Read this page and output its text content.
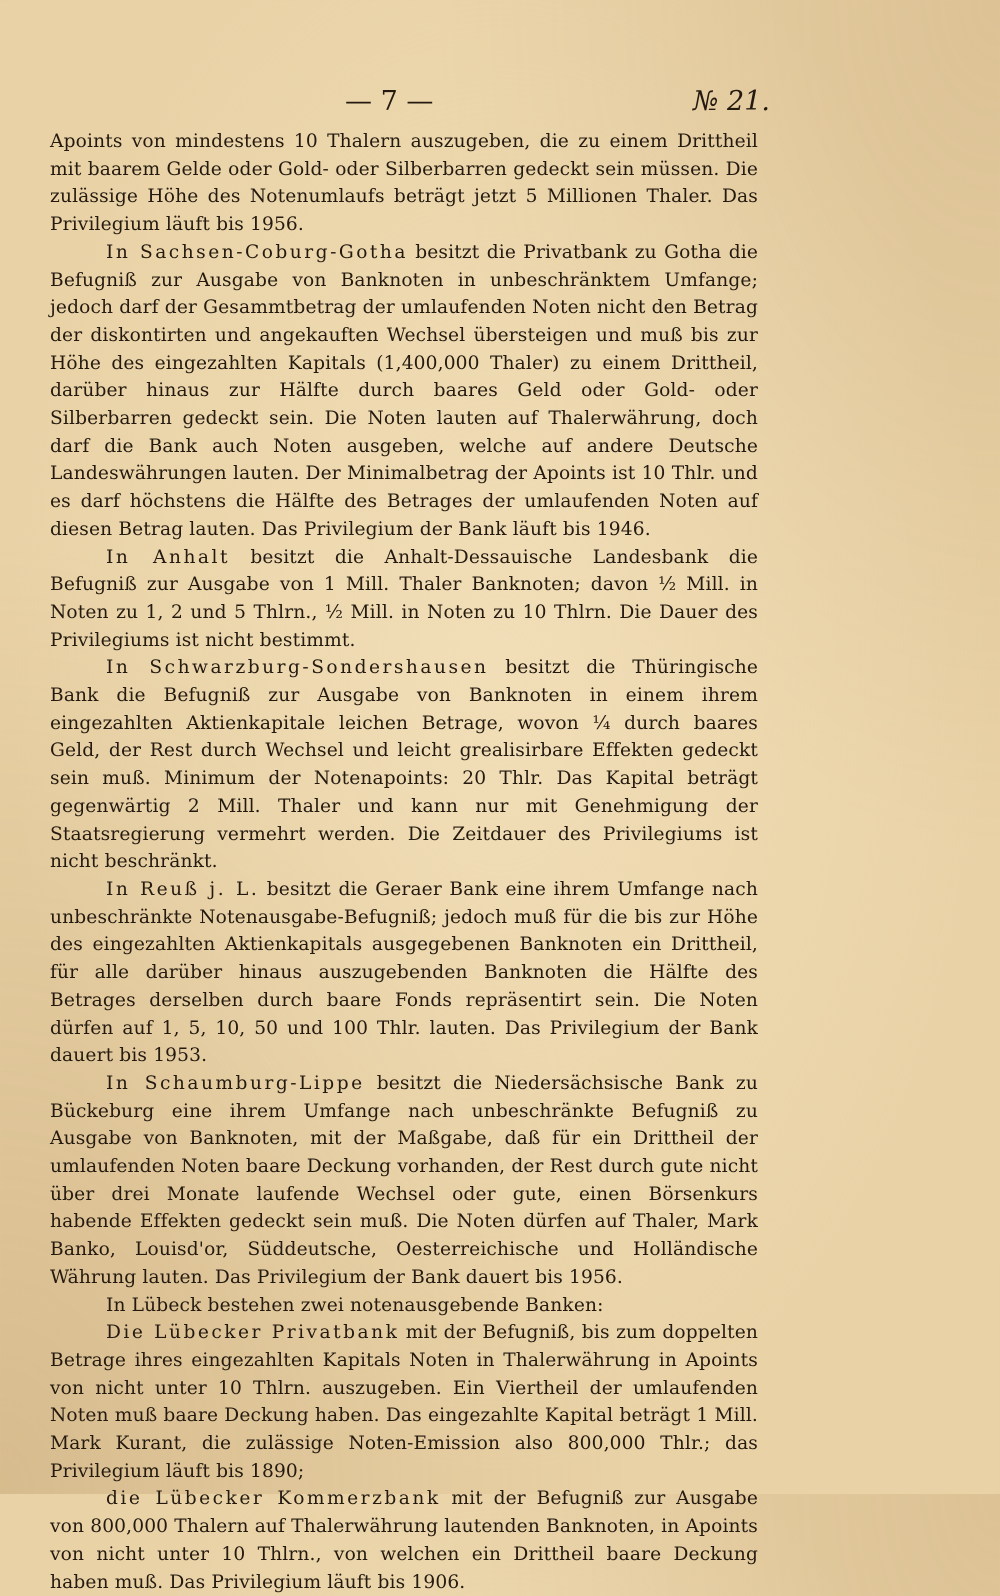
— 7 —	№ 21.

Apoints von mindestens 10 Thalern auszugeben, die zu einem Drittheil mit baarem Gelde oder Gold- oder Silberbarren gedeckt sein müssen. Die zulässige Höhe des Notenumlaufs beträgt jetzt 5 Millionen Thaler. Das Privilegium läuft bis 1956.

In Sachsen-Coburg-Gotha besitzt die Privatbank zu Gotha die Befugniß zur Ausgabe von Banknoten in unbeschränktem Umfange; jedoch darf der Gesammtbetrag der umlaufenden Noten nicht den Betrag der diskontirten und angekauften Wechsel übersteigen und muß bis zur Höhe des eingezahlten Kapitals (1,400,000 Thaler) zu einem Drittheil, darüber hinaus zur Hälfte durch baares Geld oder Gold- oder Silberbarren gedeckt sein. Die Noten lauten auf Thalerwährung, doch darf die Bank auch Noten ausgeben, welche auf andere Deutsche Landeswährungen lauten. Der Minimalbetrag der Apoints ist 10 Thlr. und es darf höchstens die Hälfte des Betrages der umlaufenden Noten auf diesen Betrag lauten. Das Privilegium der Bank läuft bis 1946.

In Anhalt besitzt die Anhalt-Dessauische Landesbank die Befugniß zur Ausgabe von 1 Mill. Thaler Banknoten; davon ½ Mill. in Noten zu 1, 2 und 5 Thlrn., ½ Mill. in Noten zu 10 Thlrn. Die Dauer des Privilegiums ist nicht bestimmt.

In Schwarzburg-Sondershausen besitzt die Thüringische Bank die Befugniß zur Ausgabe von Banknoten in einem ihrem eingezahlten Aktienkapitale leichen Betrage, wovon ¼ durch baares Geld, der Rest durch Wechsel und leicht grealisirbare Effekten gedeckt sein muß. Minimum der Notenapoints: 20 Thlr. Das Kapital beträgt gegenwärtig 2 Mill. Thaler und kann nur mit Genehmigung der Staatsregierung vermehrt werden. Die Zeitdauer des Privilegiums ist nicht beschränkt.

In Reuß j. L. besitzt die Geraer Bank eine ihrem Umfange nach unbeschränkte Notenausgabe-Befugniß; jedoch muß für die bis zur Höhe des eingezahlten Aktienkapitals ausgegebenen Banknoten ein Drittheil, für alle darüber hinaus auszugebenden Banknoten die Hälfte des Betrages derselben durch baare Fonds repräsentirt sein. Die Noten dürfen auf 1, 5, 10, 50 und 100 Thlr. lauten. Das Privilegium der Bank dauert bis 1953.

In Schaumburg-Lippe besitzt die Niedersächsische Bank zu Bückeburg eine ihrem Umfange nach unbeschränkte Befugniß zu Ausgabe von Banknoten, mit der Maßgabe, daß für ein Drittheil der umlaufenden Noten baare Deckung vorhanden, der Rest durch gute nicht über drei Monate laufende Wechsel oder gute, einen Börsenkurs habende Effekten gedeckt sein muß. Die Noten dürfen auf Thaler, Mark Banko, Louisd'or, Süddeutsche, Oesterreichische und Holländische Währung lauten. Das Privilegium der Bank dauert bis 1956.

In Lübeck bestehen zwei notenausgebende Banken:

Die Lübecker Privatbank mit der Befugniß, bis zum doppelten Betrage ihres eingezahlten Kapitals Noten in Thalerwährung in Apoints von nicht unter 10 Thlrn. auszugeben. Ein Viertheil der umlaufenden Noten muß baare Deckung haben. Das eingezahlte Kapital beträgt 1 Mill. Mark Kurant, die zulässige Noten-Emission also 800,000 Thlr.; das Privilegium läuft bis 1890;

die Lübecker Kommerzbank mit der Befugniß zur Ausgabe von 800,000 Thalern auf Thalerwährung lautenden Banknoten, in Apoints von nicht unter 10 Thlrn., von welchen ein Drittheil baare Deckung haben muß. Das Privilegium läuft bis 1906.
